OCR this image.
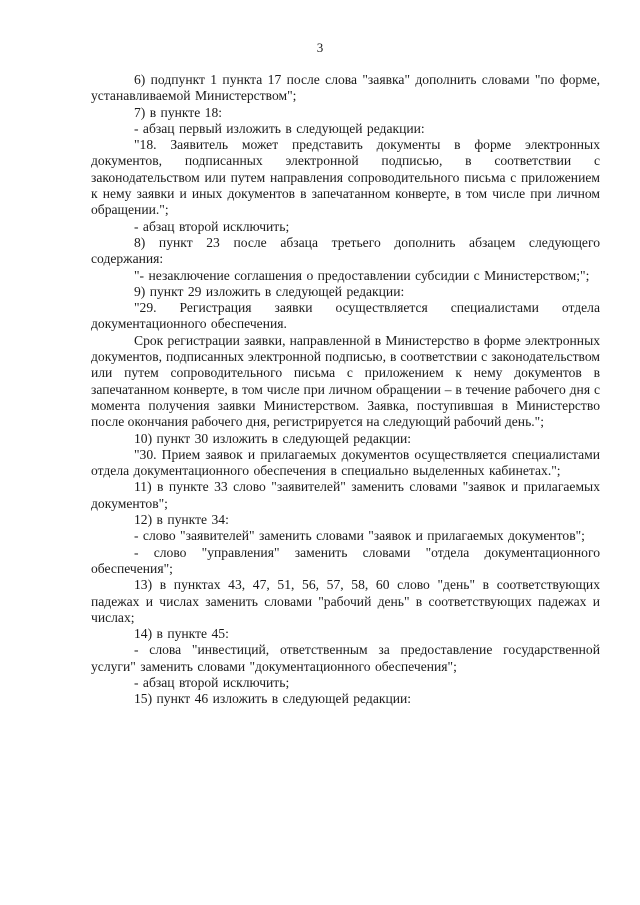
3

6) подпункт 1 пункта 17 после слова "заявка" дополнить словами "по форме, устанавливаемой Министерством";

7) в пункте 18:

- абзац первый изложить в следующей редакции:

"18. Заявитель может представить документы в форме электронных документов, подписанных электронной подписью, в соответствии с законодательством или путем направления сопроводительного письма с приложением к нему заявки и иных документов в запечатанном конверте, в том числе при личном обращении.";

- абзац второй исключить;

8) пункт 23 после абзаца третьего дополнить абзацем следующего содержания:

"- незаключение соглашения о предоставлении субсидии с Министерством;";

9) пункт 29 изложить в следующей редакции:

"29. Регистрация заявки осуществляется специалистами отдела документационного обеспечения.

Срок регистрации заявки, направленной в Министерство в форме электронных документов, подписанных электронной подписью, в соответствии с законодательством или путем сопроводительного письма с приложением к нему документов в запечатанном конверте, в том числе при личном обращении – в течение рабочего дня с момента получения заявки Министерством. Заявка, поступившая в Министерство после окончания рабочего дня, регистрируется на следующий рабочий день.";

10) пункт 30 изложить в следующей редакции:

"30. Прием заявок и прилагаемых документов осуществляется специалистами отдела документационного обеспечения в специально выделенных кабинетах.";

11) в пункте 33 слово "заявителей" заменить словами "заявок и прилагаемых документов";

12) в пункте 34:

- слово "заявителей" заменить словами "заявок и прилагаемых документов";

- слово "управления" заменить словами "отдела документационного обеспечения";

13) в пунктах 43, 47, 51, 56, 57, 58, 60 слово "день" в соответствующих падежах и числах заменить словами "рабочий день" в соответствующих падежах и числах;

14) в пункте 45:

- слова "инвестиций, ответственным за предоставление государственной услуги" заменить словами "документационного обеспечения";

- абзац второй исключить;

15) пункт 46 изложить в следующей редакции:
